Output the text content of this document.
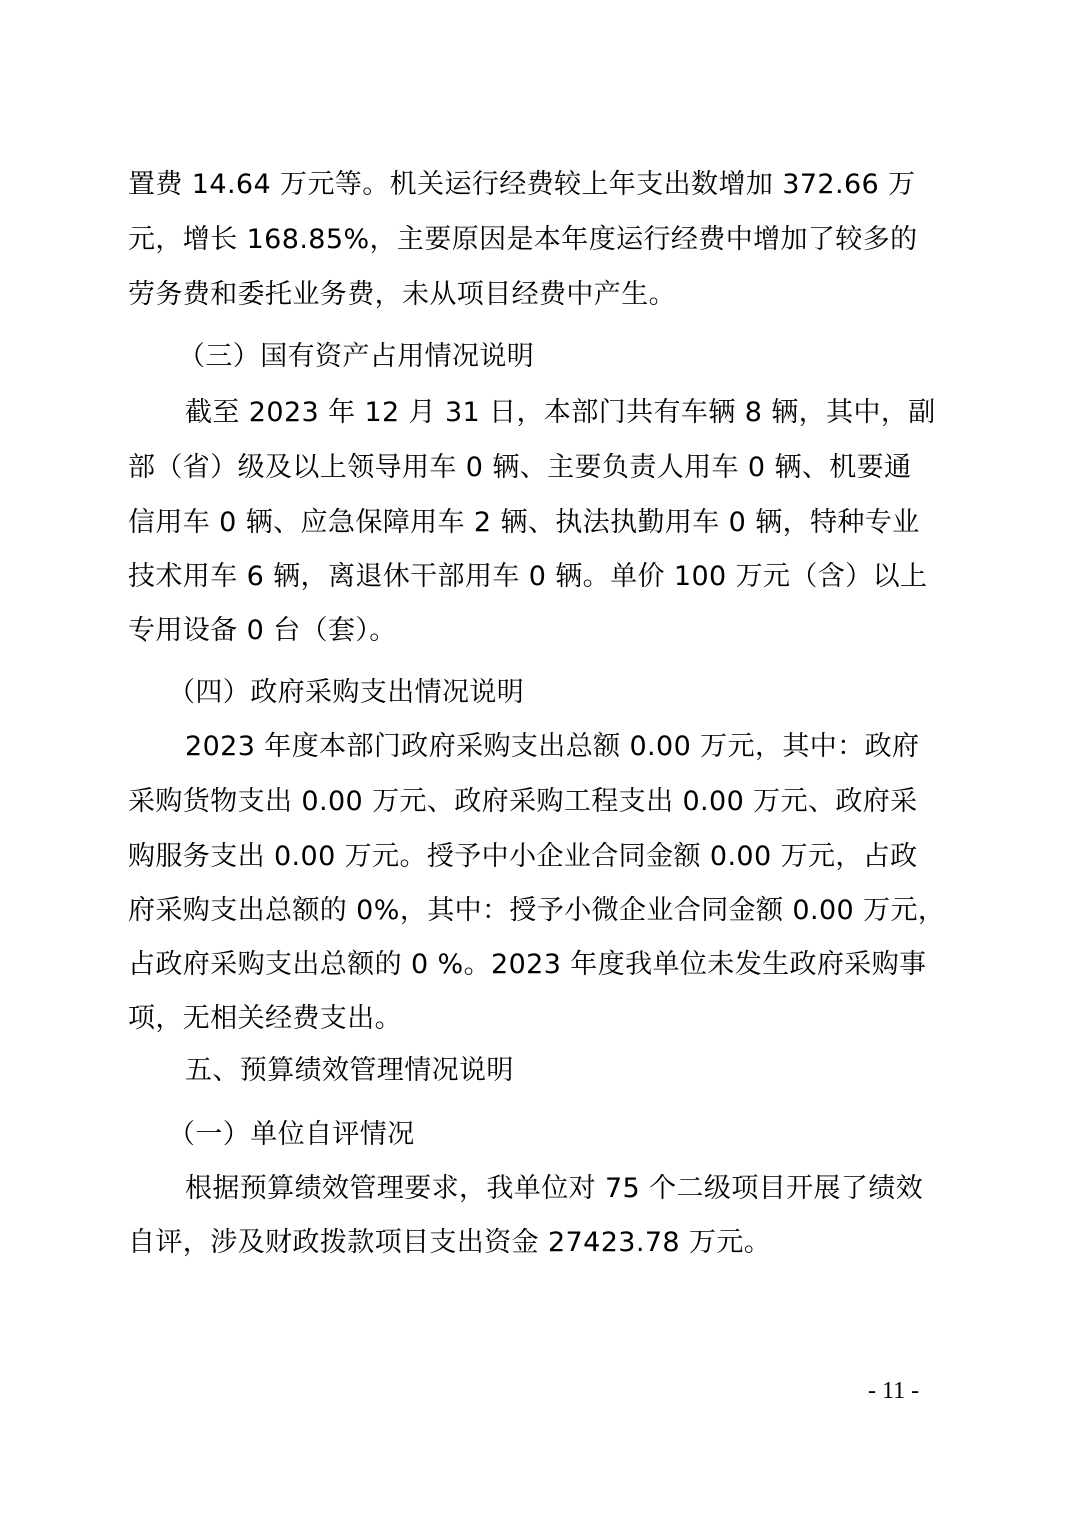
置费 14.64 万元等。机关运行经费较上年支出数增加 372.66 万
元，增长 168.85%，主要原因是本年度运行经费中增加了较多的
劳务费和委托业务费，未从项目经费中产生。
（三）国有资产占用情况说明
截至 2023 年 12 月 31 日，本部门共有车辆 8 辆，其中，副
部（省）级及以上领导用车 0 辆、主要负责人用车 0 辆、机要通
信用车 0 辆、应急保障用车 2 辆、执法执勤用车 0 辆，特种专业
技术用车 6 辆，离退休干部用车 0 辆。单价 100 万元（含）以上
专用设备 0 台（套）。
（四）政府采购支出情况说明
2023 年度本部门政府采购支出总额 0.00 万元，其中：政府
采购货物支出 0.00 万元、政府采购工程支出 0.00 万元、政府采
购服务支出 0.00 万元。授予中小企业合同金额 0.00 万元，占政
府采购支出总额的 0%，其中：授予小微企业合同金额 0.00 万元，
占政府采购支出总额的 0 %。2023 年度我单位未发生政府采购事
项，无相关经费支出。
五、预算绩效管理情况说明
（一）单位自评情况
根据预算绩效管理要求，我单位对 75 个二级项目开展了绩效
自评，涉及财政拨款项目支出资金 27423.78 万元。
- 11 -
